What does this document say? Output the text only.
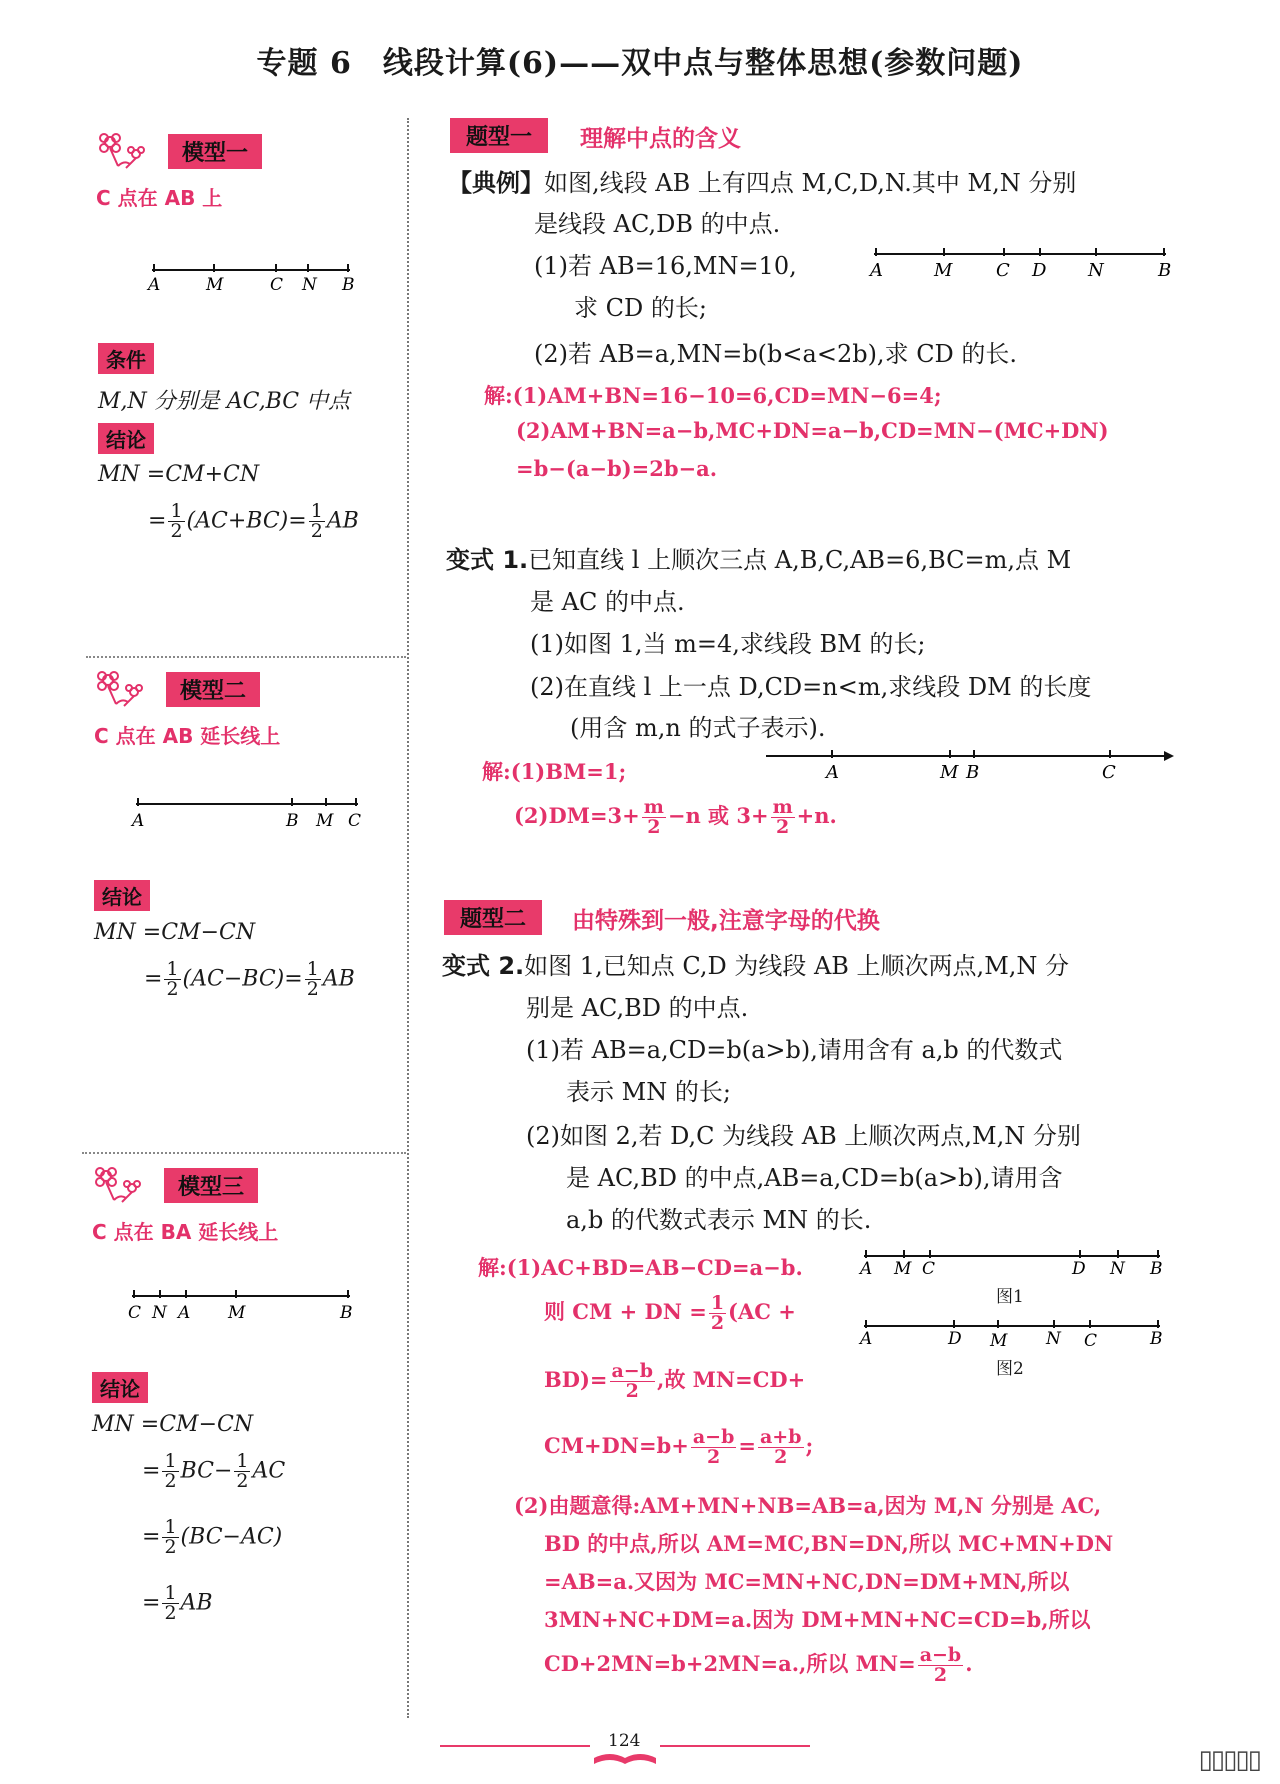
专题 6　线段计算(6)——双中点与整体思想(参数问题)
模型一
C 点在 AB 上
A	M	C N B
条件
M,N 分别是 AC,BC 中点
结论
MN =CM+CN
= $\frac{1}{2} (AC+BC)= \frac{1}{2}$ AB
模型二
C 点在 AB 延长线上
A	B M C
结论
MN =CM−CN
= $\frac{1}{2} (AC-BC)= \frac{1}{2}$ AB
模型三
C 点在 BA 延长线上
C N A M	B
结论
MN =CM−CN
= $\frac{1}{2} BC- \frac{1}{2}$ AC
= $\frac{1}{2} (BC-AC)$
= $\frac{1}{2}$ AB
题型一	理解中点的含义
【典例】如图,线段 AB 上有四点 M,C,D,N.其中 M,N 分别
是线段 AC,DB 的中点.
(1)若 AB=16,MN=10,
求 CD 的长;
(2)若 AB=a,MN=b(b<a<2b),求 CD 的长.
A	M C D N	B
解:(1)AM+BN=16−10=6,CD=MN−6=4;
(2)AM+BN=a−b,MC+DN=a−b,CD=MN−(MC+DN)
=b−(a−b)=2b−a.
变式 1.已知直线 l 上顺次三点 A,B,C,AB=6,BC=m,点 M
是 AC 的中点.
(1)如图 1,当 m=4,求线段 BM 的长;
(2)在直线 l 上一点 D,CD=n<m,求线段 DM 的长度
(用含 m,n 的式子表示).
解:(1)BM=1;	A	M B	C
$(2)DM=3+ \frac{m}{2} -n$ 或 $3+ \frac{m}{2} +n$.
题型二	由特殊到一般,注意字母的代换
变式 2.如图 1,已知点 C,D 为线段 AB 上顺次两点,M,N 分
别是 AC,BD 的中点.
(1)若 AB=a,CD=b(a>b),请用含有 a,b 的代数式
表示 MN 的长;
(2)如图 2,若 D,C 为线段 AB 上顺次两点,M,N 分别
是 AC,BD 的中点,AB=a,CD=b(a>b),请用含
a,b 的代数式表示 MN 的长.
A M C	D N B
图1
A	D M N C	B
图2
解:(1)AC+BD=AB−CD=a−b.
则 CM + DN = $\frac{1}{2} (AC$ +
$BD)= \frac{a-b}{2}$ ,故 MN=CD+
$CM+DN=b+ \frac{a-b}{2} = \frac{a+b}{2}$ ;
(2)由题意得:AM+MN+NB=AB=a,因为 M,N 分别是 AC,
BD 的中点,所以 AM=MC,BN=DN,所以 MC+MN+DN
=AB=a.又因为 MC=MN+NC,DN=DM+MN,所以
3MN+NC+DM=a.因为 DM+MN+NC=CD=b,所以
CD+2MN=b+2MN=a.,所以 $MN= \frac{a-b}{2}$ .
124
▯▯▯▯▯
